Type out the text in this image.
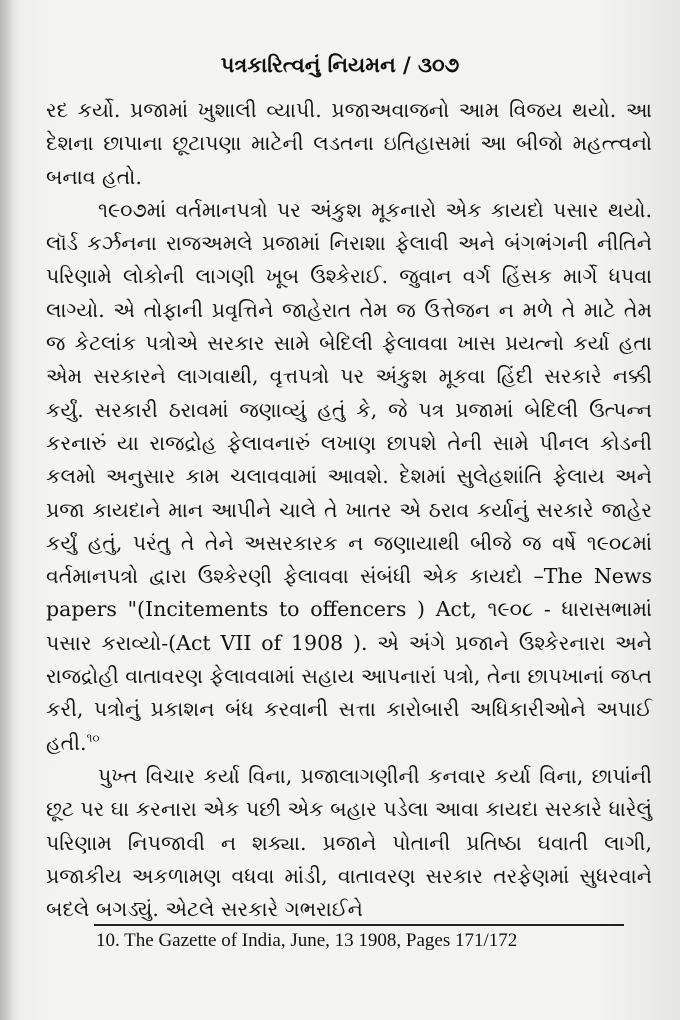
પત્રકારિત્વનું નિયમન / ૩૦૭

રદ કર્યો. પ્રજામાં ખુશાલી વ્યાપી. પ્રજાઅવાજનો આમ વિજય થયો. આ દેશના છાપાના છૂટાપણા માટેની લડતના ઇતિહાસમાં આ બીજો મહત્ત્વનો બનાવ હતો.

૧૯૦૭માં વર્તમાનપત્રો પર અંકુશ મૂકનારો એક કાયદો પસાર થયો. લૉર્ડ કર્ઝનના રાજઅમલે પ્રજામાં નિરાશા ફેલાવી અને બંગભંગની નીતિને પરિણામે લોકોની લાગણી ખૂબ ઉશ્કેરાઈ. જુવાન વર્ગ હિંસક માર્ગે ધપવા લાગ્યો. એ તોફાની પ્રવૃત્તિને જાહેરાત તેમ જ ઉત્તેજન ન મળે તે માટે તેમ જ કેટલાંક પત્રોએ સરકાર સામે બેદિલી ફેલાવવા ખાસ પ્રયત્નો કર્યા હતા એમ સરકારને લાગવાથી, વૃત્તપત્રો પર અંકુશ મૂકવા હિંદી સરકારે નક્કી કર્યું. સરકારી ઠરાવમાં જણાવ્યું હતું કે, જે પત્ર પ્રજામાં બેદિલી ઉત્પન્ન કરનારું યા રાજદ્રોહ ફેલાવનારું લખાણ છાપશે તેની સામે પીનલ કોડની કલમો અનુસાર કામ ચલાવવામાં આવશે. દેશમાં સુલેહશાંતિ ફેલાય અને પ્રજા કાયદાને માન આપીને ચાલે તે ખાતર એ ઠરાવ કર્યાનું સરકારે જાહેર કર્યું હતું, પરંતુ તે તેને અસરકારક ન જણાયાથી બીજે જ વર્ષે ૧૯૦૮માં વર્તમાનપત્રો દ્વારા ઉશ્કેરણી ફેલાવવા સંબંધી એક કાયદો –The News papers "(Incitements to offencers ) Act, ૧૯૦૮ - ધારાસભામાં પસાર કરાવ્યો-(Act VII of 1908 ). એ અંગે પ્રજાને ઉશ્કેરનારા અને રાજદ્રોહી વાતાવરણ ફેલાવવામાં સહાય આપનારાં પત્રો, તેના છાપખાનાં જપ્ત કરી, પત્રોનું પ્રકાશન બંધ કરવાની સત્તા કારોબારી અધિકારીઓને અપાઈ હતી.$^{૧૦}$

પુખ્ત વિચાર કર્યા વિના, પ્રજાલાગણીની કનવાર કર્યા વિના, છાપાંની છૂટ પર ઘા કરનારા એક પછી એક બહાર પડેલા આવા કાયદા સરકારે ધારેલું પરિણામ નિપજાવી ન શક્યા. પ્રજાને પોતાની પ્રતિષ્ઠા ઘવાતી લાગી, પ્રજાકીય અકળામણ વધવા માંડી, વાતાવરણ સરકાર તરફેણમાં સુધરવાને બદલે બગડ્યું. એટલે સરકારે ગભરાઈને

10. The Gazette of India, June, 13 1908, Pages 171/172
